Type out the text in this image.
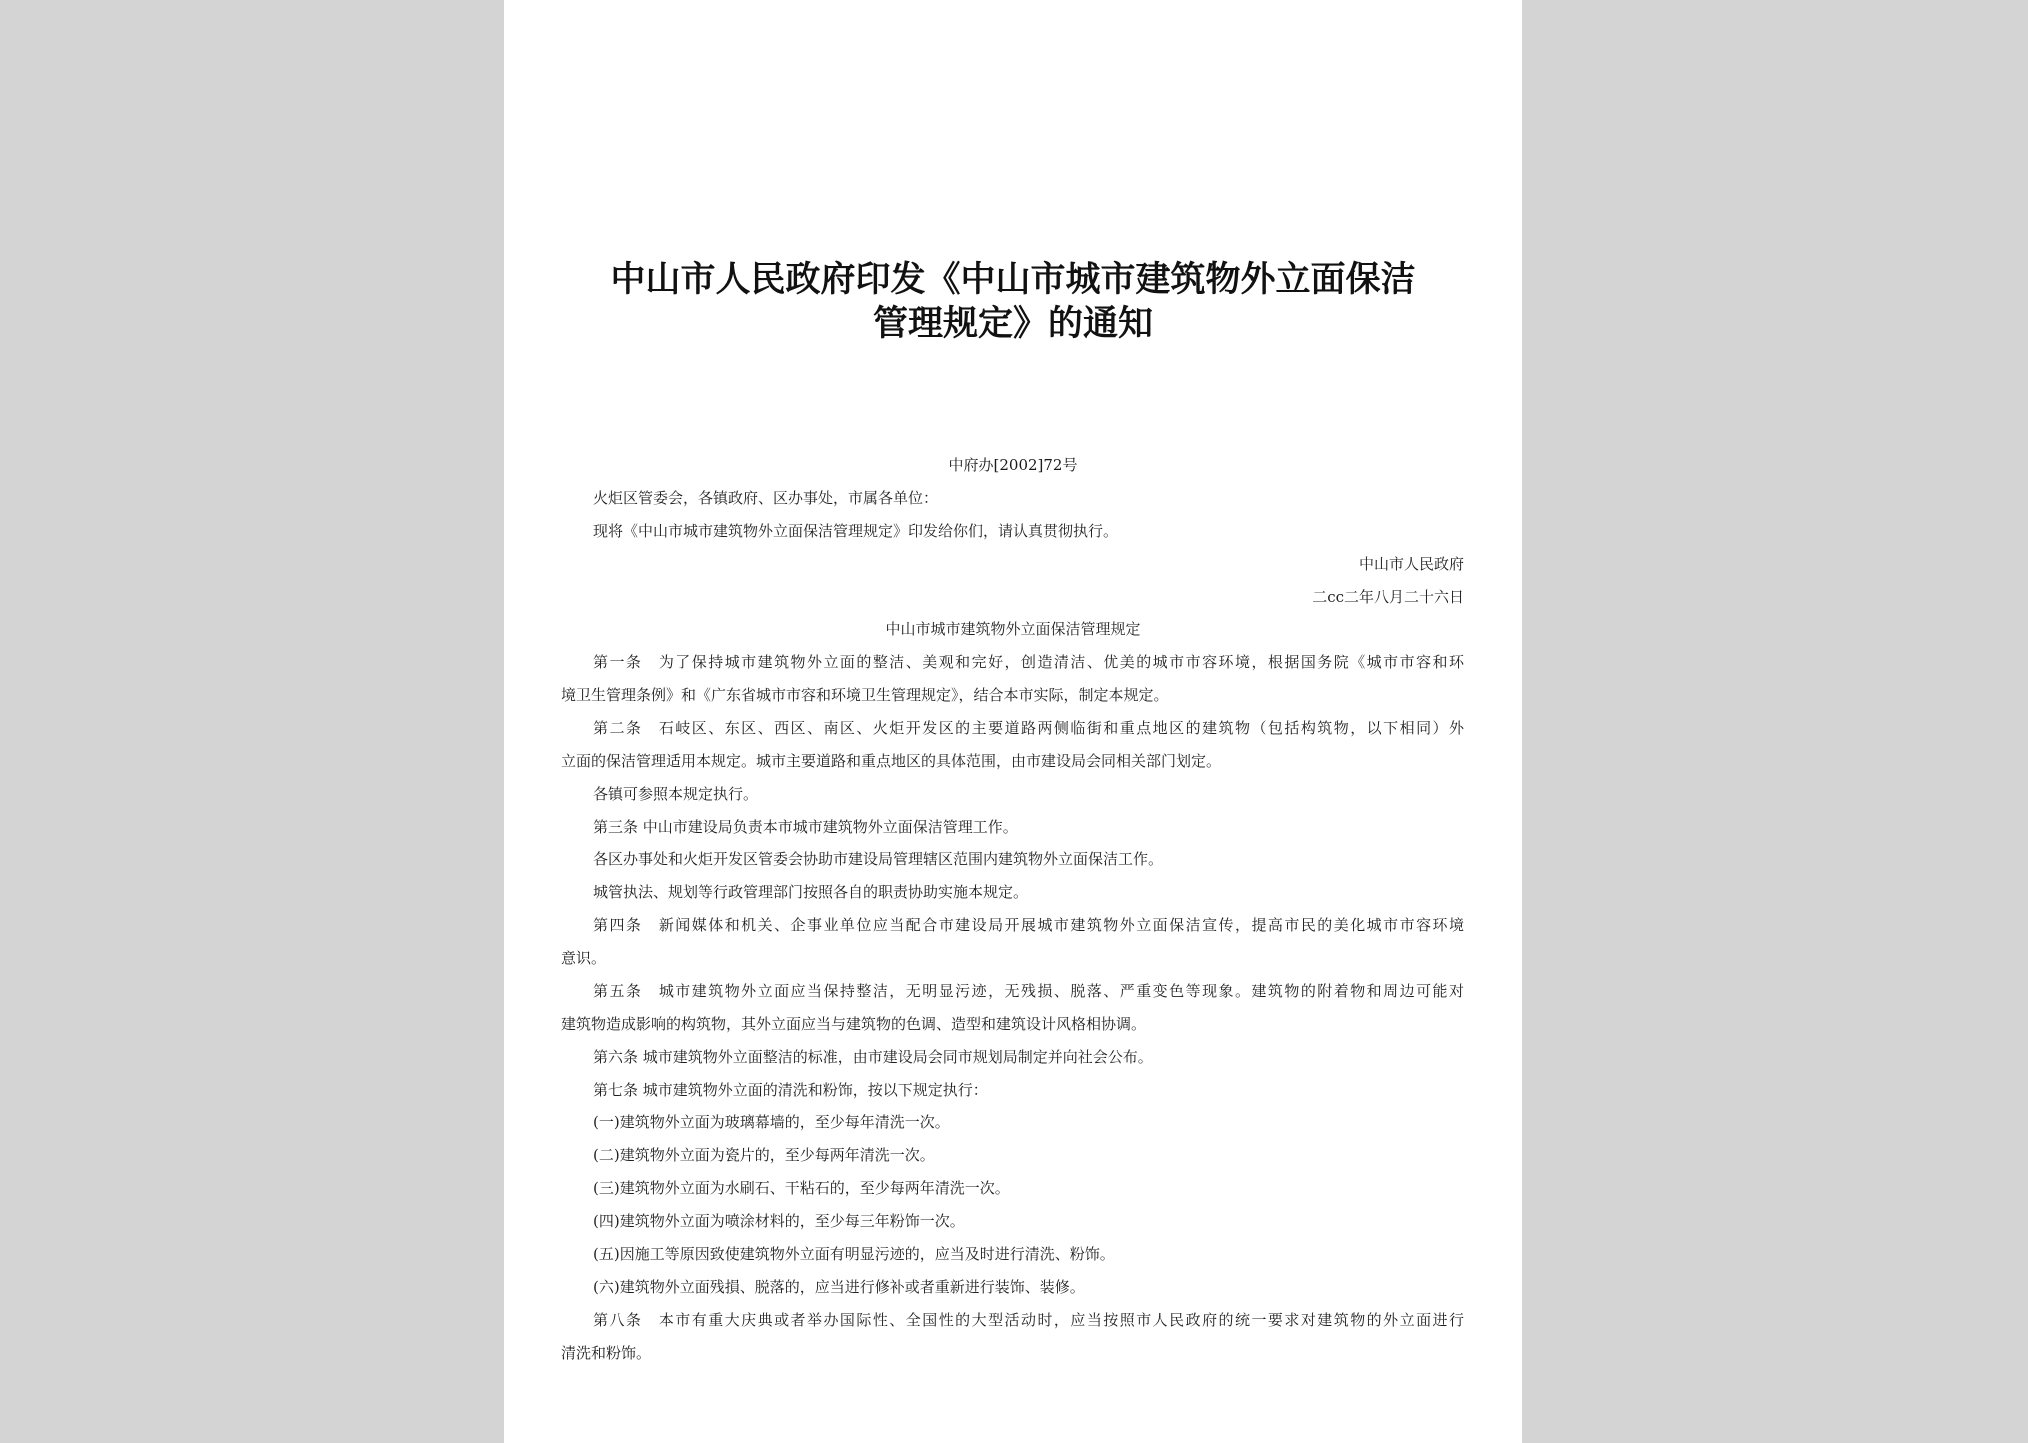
中山市人民政府印发《中山市城市建筑物外立面保洁
管理规定》的通知
中府办[2002]72号
火炬区管委会，各镇政府、区办事处，市属各单位：
现将《中山市城市建筑物外立面保洁管理规定》印发给你们，请认真贯彻执行。
中山市人民政府
二cc二年八月二十六日
中山市城市建筑物外立面保洁管理规定
第一条　为了保持城市建筑物外立面的整洁、美观和完好，创造清洁、优美的城市市容环境，根据国务院《城市市容和环
境卫生管理条例》和《广东省城市市容和环境卫生管理规定》，结合本市实际，制定本规定。
第二条　石岐区、东区、西区、南区、火炬开发区的主要道路两侧临街和重点地区的建筑物（包括构筑物，以下相同）外
立面的保洁管理适用本规定。城市主要道路和重点地区的具体范围，由市建设局会同相关部门划定。
各镇可参照本规定执行。
第三条 中山市建设局负责本市城市建筑物外立面保洁管理工作。
各区办事处和火炬开发区管委会协助市建设局管理辖区范围内建筑物外立面保洁工作。
城管执法、规划等行政管理部门按照各自的职责协助实施本规定。
第四条　新闻媒体和机关、企事业单位应当配合市建设局开展城市建筑物外立面保洁宣传，提高市民的美化城市市容环境
意识。
第五条　城市建筑物外立面应当保持整洁，无明显污迹，无残损、脱落、严重变色等现象。建筑物的附着物和周边可能对
建筑物造成影响的构筑物，其外立面应当与建筑物的色调、造型和建筑设计风格相协调。
第六条 城市建筑物外立面整洁的标准，由市建设局会同市规划局制定并向社会公布。
第七条 城市建筑物外立面的清洗和粉饰，按以下规定执行：
(一)建筑物外立面为玻璃幕墙的，至少每年清洗一次。
(二)建筑物外立面为瓷片的，至少每两年清洗一次。
(三)建筑物外立面为水刷石、干粘石的，至少每两年清洗一次。
(四)建筑物外立面为喷涂材料的，至少每三年粉饰一次。
(五)因施工等原因致使建筑物外立面有明显污迹的，应当及时进行清洗、粉饰。
(六)建筑物外立面残損、脱落的，应当进行修补或者重新进行装饰、装修。
第八条　本市有重大庆典或者举办国际性、全国性的大型活动时，应当按照市人民政府的统一要求对建筑物的外立面进行
清洗和粉饰。
